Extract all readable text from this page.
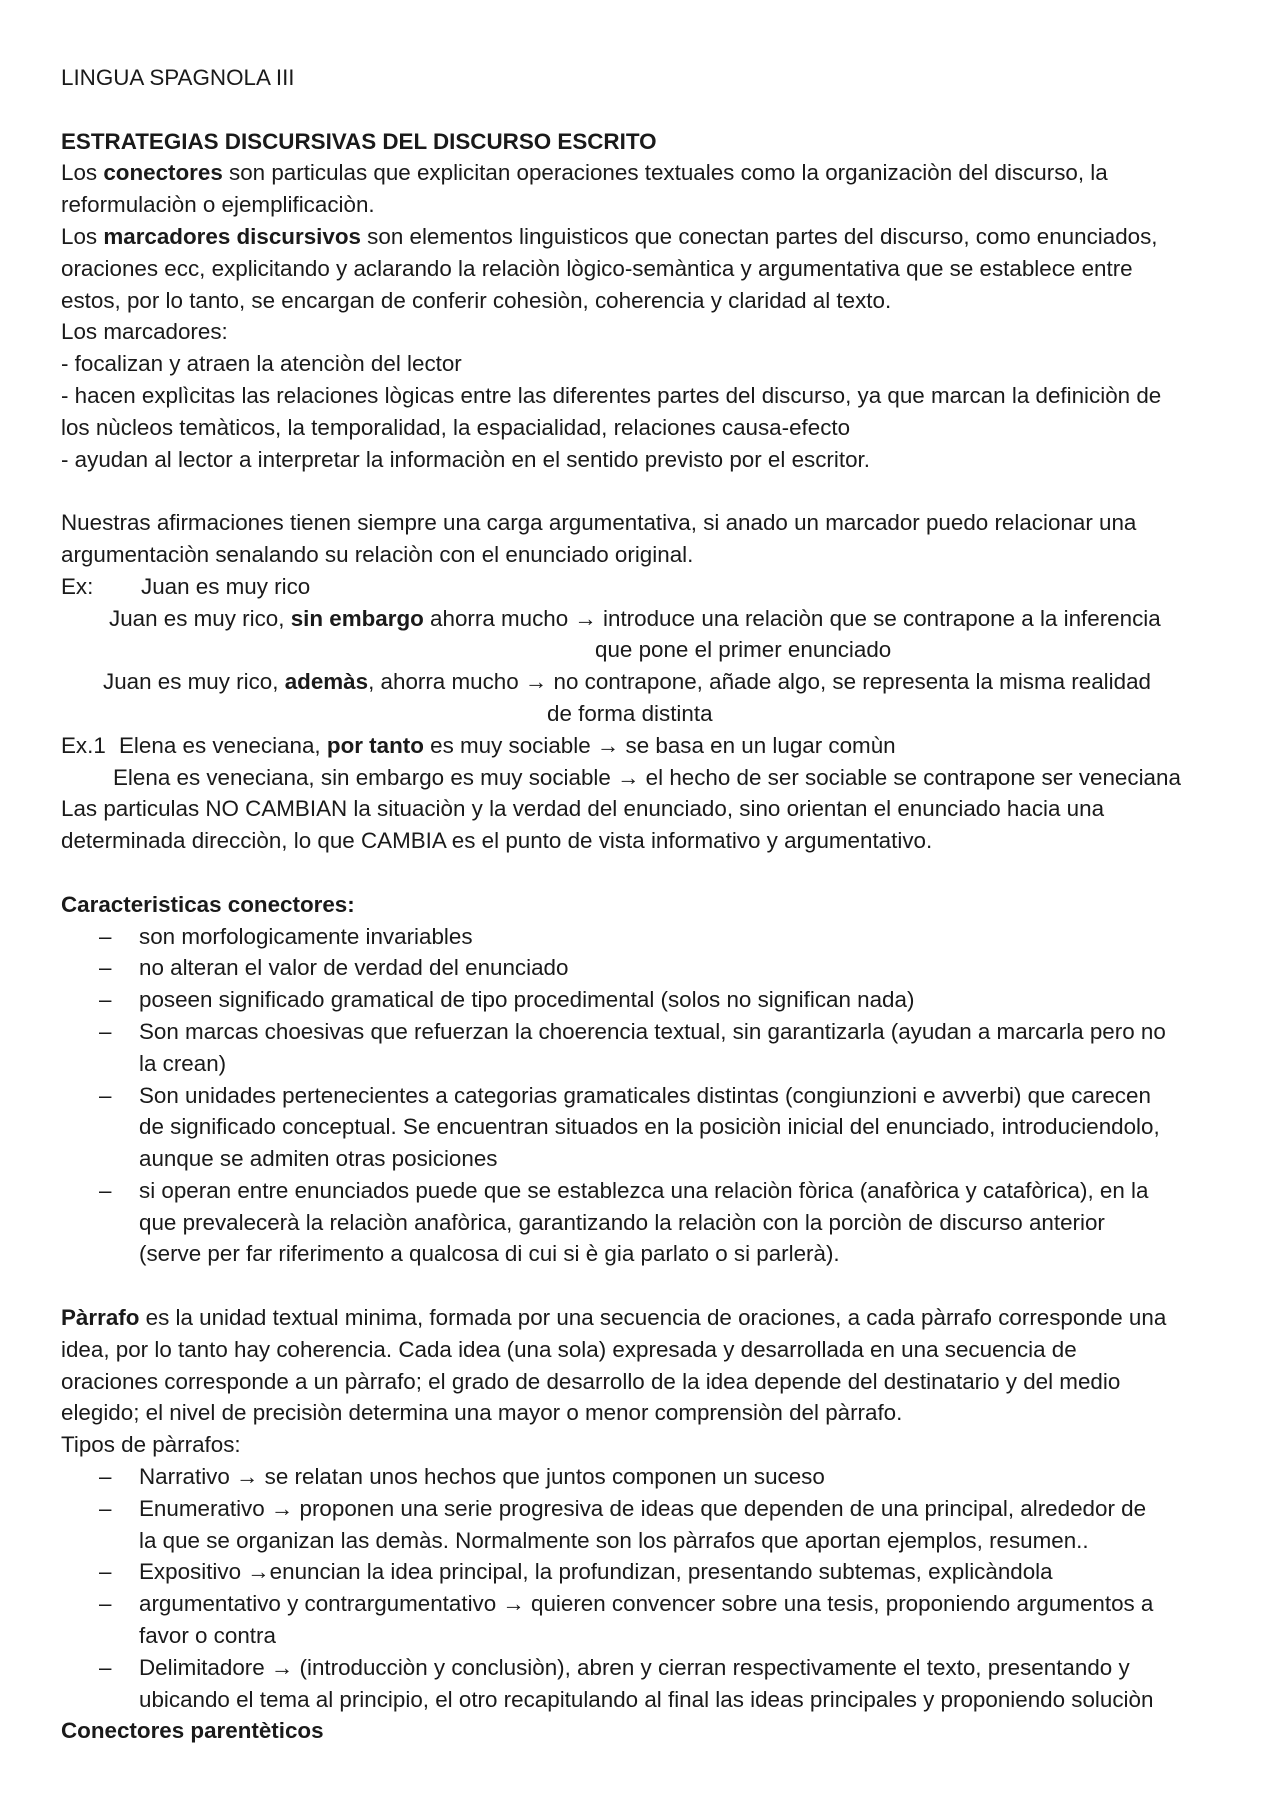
LINGUA SPAGNOLA III
ESTRATEGIAS DISCURSIVAS DEL DISCURSO ESCRITO
Los conectores son particulas que explicitan operaciones textuales como la organizaciòn del discurso, la
reformulaciòn o ejemplificaciòn.
Los marcadores discursivos son elementos linguisticos que conectan partes del discurso, como enunciados,
oraciones ecc, explicitando y aclarando la relaciòn lògico-semàntica y argumentativa que se establece entre
estos, por lo tanto, se encargan de conferir cohesiòn, coherencia y claridad al texto.
Los marcadores:
- focalizan y atraen la atenciòn del lector
- hacen explìcitas las relaciones lògicas entre las diferentes partes del discurso, ya que marcan la definiciòn de
los nùcleos temàticos, la temporalidad, la espacialidad, relaciones causa-efecto
- ayudan al lector a interpretar la informaciòn en el sentido previsto por el escritor.
Nuestras afirmaciones tienen siempre una carga argumentativa, si anado un marcador puedo relacionar una
argumentaciòn senalando su relaciòn con el enunciado original.
Ex: Juan es muy rico
Juan es muy rico, sin embargo ahorra mucho → introduce una relaciòn que se contrapone a la inferencia
que pone el primer enunciado
Juan es muy rico, ademàs, ahorra mucho → no contrapone, añade algo, se representa la misma realidad
de forma distinta
Ex.1 Elena es veneciana, por tanto es muy sociable → se basa en un lugar comùn
Elena es veneciana, sin embargo es muy sociable → el hecho de ser sociable se contrapone ser veneciana
Las particulas NO CAMBIAN la situaciòn y la verdad del enunciado, sino orientan el enunciado hacia una
determinada direcciòn, lo que CAMBIA es el punto de vista informativo y argumentativo.
Caracteristicas conectores:
– son morfologicamente invariables
– no alteran el valor de verdad del enunciado
– poseen significado gramatical de tipo procedimental (solos no significan nada)
– Son marcas choesivas que refuerzan la choerencia textual, sin garantizarla (ayudan a marcarla pero no
la crean)
– Son unidades pertenecientes a categorias gramaticales distintas (congiunzioni e avverbi) que carecen
de significado conceptual. Se encuentran situados en la posiciòn inicial del enunciado, introduciendolo,
aunque se admiten otras posiciones
– si operan entre enunciados puede que se establezca una relaciòn fòrica (anafòrica y catafòrica), en la
que prevalecerà la relaciòn anafòrica, garantizando la relaciòn con la porciòn de discurso anterior
(serve per far riferimento a qualcosa di cui si è gia parlato o si parlerà).
Pàrrafo es la unidad textual minima, formada por una secuencia de oraciones, a cada pàrrafo corresponde una
idea, por lo tanto hay coherencia. Cada idea (una sola) expresada y desarrollada en una secuencia de
oraciones corresponde a un pàrrafo; el grado de desarrollo de la idea depende del destinatario y del medio
elegido; el nivel de precisiòn determina una mayor o menor comprensiòn del pàrrafo.
Tipos de pàrrafos:
– Narrativo → se relatan unos hechos que juntos componen un suceso
– Enumerativo → proponen una serie progresiva de ideas que dependen de una principal, alrededor de
la que se organizan las demàs. Normalmente son los pàrrafos que aportan ejemplos, resumen..
– Expositivo →enuncian la idea principal, la profundizan, presentando subtemas, explicàndola
– argumentativo y contrargumentativo → quieren convencer sobre una tesis, proponiendo argumentos a
favor o contra
– Delimitadore → (introducciòn y conclusiòn), abren y cierran respectivamente el texto, presentando y
ubicando el tema al principio, el otro recapitulando al final las ideas principales y proponiendo soluciòn
Conectores parentèticos
